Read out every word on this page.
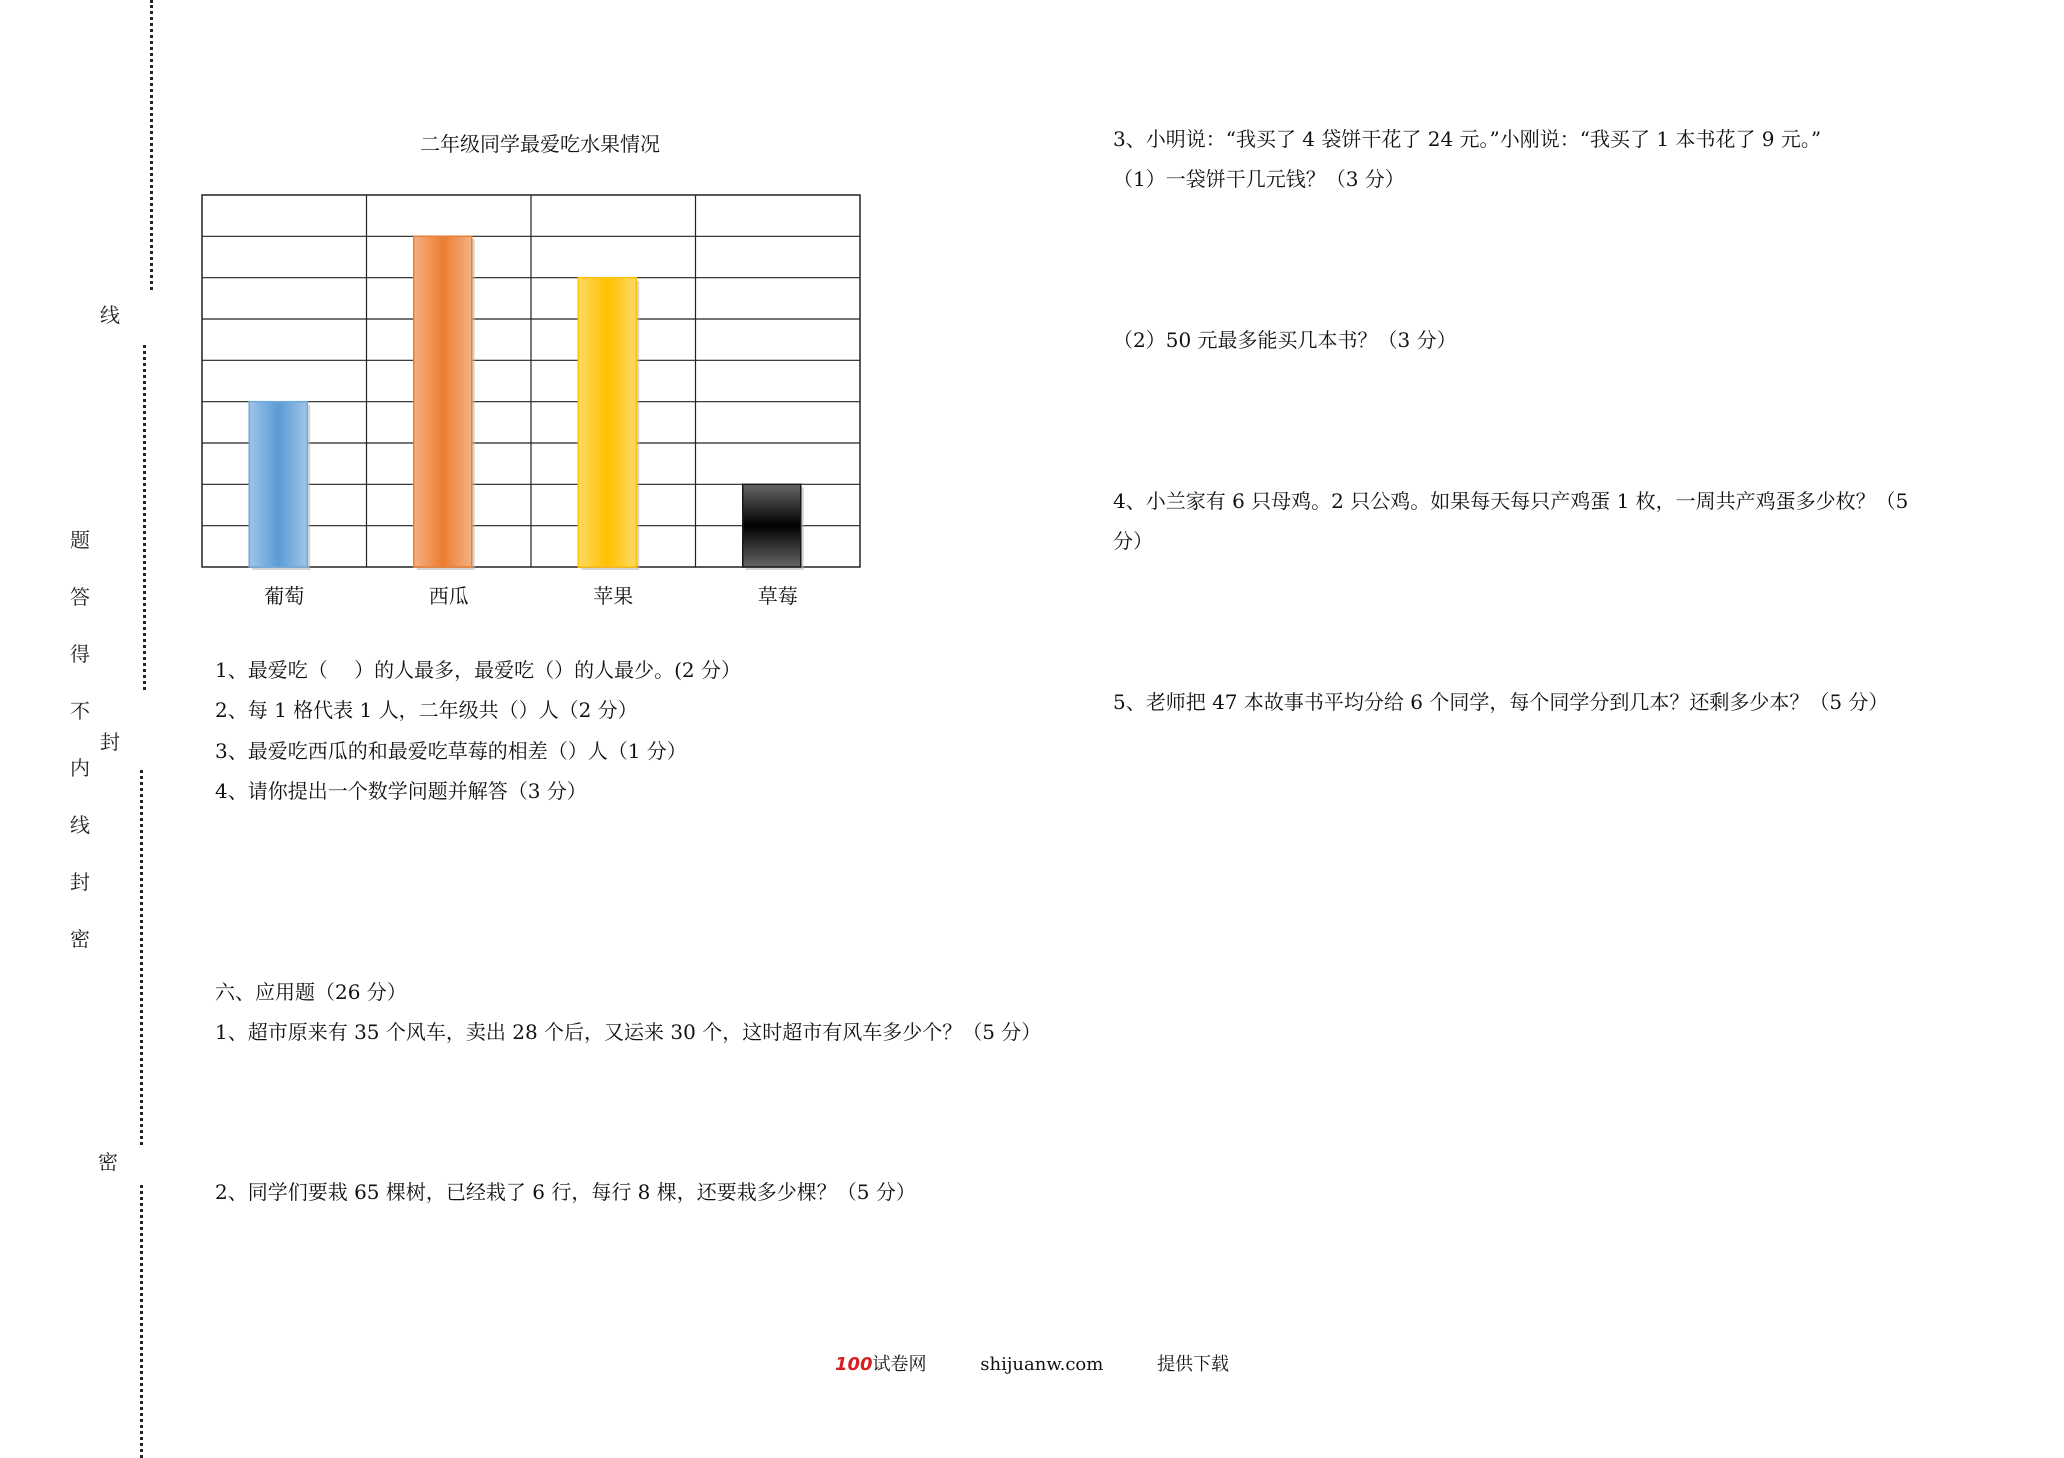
线
题
答
得
不
内
线
封
密
封
密
二年级同学最爱吃水果情况
葡萄	西瓜	苹果	草莓
1、最爱吃（　 ）的人最多，最爱吃（）的人最少。(2 分）
2、每 1 格代表 1 人，二年级共（）人（2 分）
3、最爱吃西瓜的和最爱吃草莓的相差（）人（1 分）
4、请你提出一个数学问题并解答（3 分）
六、应用题（26 分）
1、超市原来有 35 个风车，卖出 28 个后，又运来 30 个，这时超市有风车多少个？（5 分）
2、同学们要栽 65 棵树，已经栽了 6 行，每行 8 棵，还要栽多少棵？（5 分）
3、小明说：“我买了 4 袋饼干花了 24 元。”小刚说：“我买了 1 本书花了 9 元。”
（1）一袋饼干几元钱？（3 分）
（2）50 元最多能买几本书？（3 分）
4、小兰家有 6 只母鸡。2 只公鸡。如果每天每只产鸡蛋 1 枚，一周共产鸡蛋多少枚？（5
分）
5、老师把 47 本故事书平均分给 6 个同学，每个同学分到几本？还剩多少本？（5 分）
100试卷网	shijuanw.com	提供下载
